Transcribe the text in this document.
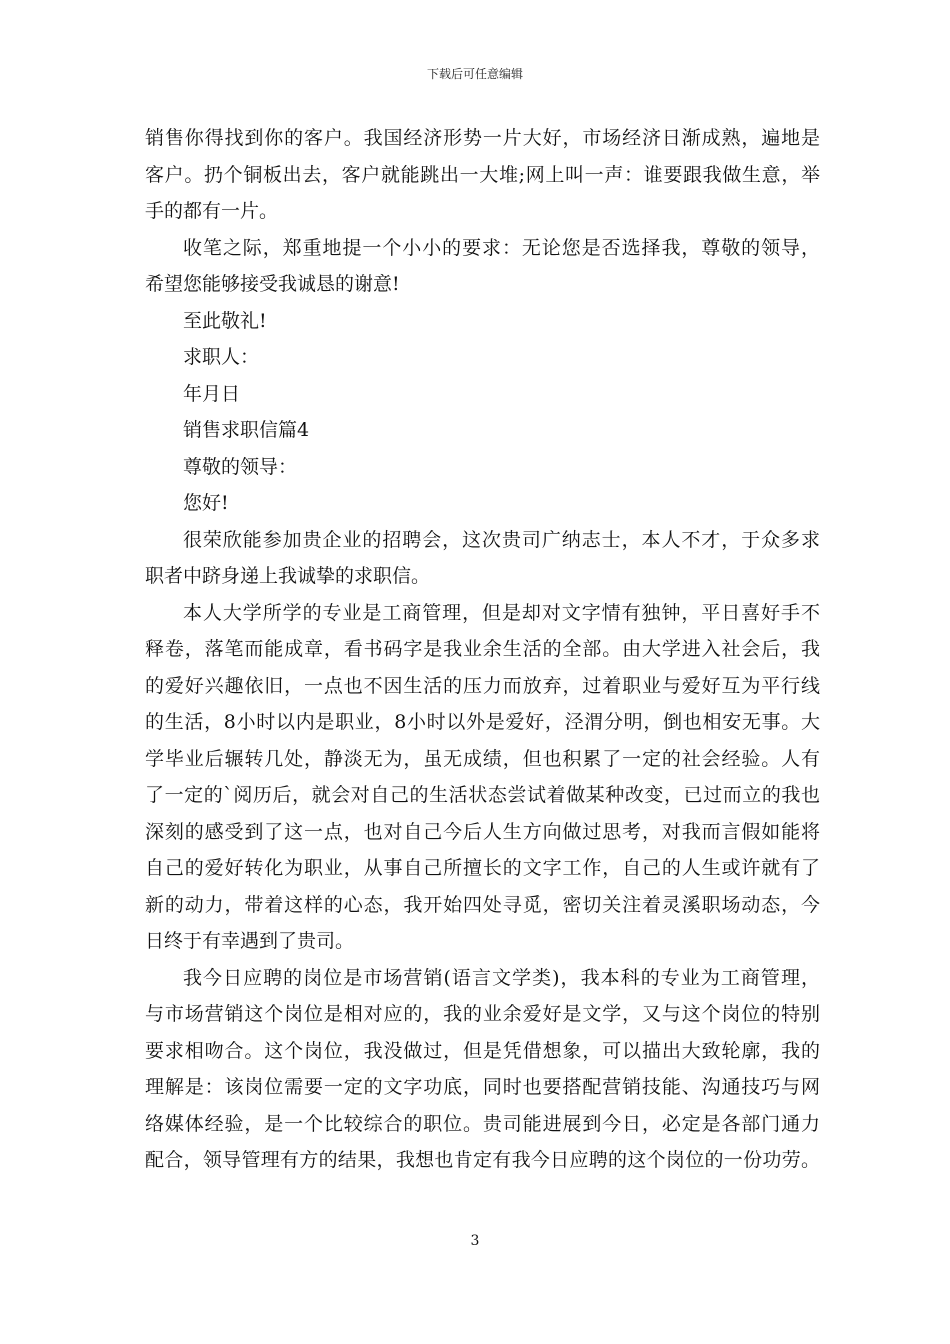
下载后可任意编辑
销售你得找到你的客户。我国经济形势一片大好，市场经济日渐成熟，遍地是
客户。扔个铜板出去，客户就能跳出一大堆;网上叫一声：谁要跟我做生意，举
手的都有一片。
收笔之际，郑重地提一个小小的要求：无论您是否选择我，尊敬的领导，
希望您能够接受我诚恳的谢意!
至此敬礼!
求职人：
年月日
销售求职信篇4
尊敬的领导：
您好!
很荣欣能参加贵企业的招聘会，这次贵司广纳志士，本人不才，于众多求
职者中跻身递上我诚挚的求职信。
本人大学所学的专业是工商管理，但是却对文字情有独钟，平日喜好手不
释卷，落笔而能成章，看书码字是我业余生活的全部。由大学进入社会后，我
的爱好兴趣依旧，一点也不因生活的压力而放弃，过着职业与爱好互为平行线
的生活，8小时以内是职业，8小时以外是爱好，泾渭分明，倒也相安无事。大
学毕业后辗转几处，静淡无为，虽无成绩，但也积累了一定的社会经验。人有
了一定的`阅历后，就会对自己的生活状态尝试着做某种改变，已过而立的我也
深刻的感受到了这一点，也对自己今后人生方向做过思考，对我而言假如能将
自己的爱好转化为职业，从事自己所擅长的文字工作，自己的人生或许就有了
新的动力，带着这样的心态，我开始四处寻觅，密切关注着灵溪职场动态，今
日终于有幸遇到了贵司。
我今日应聘的岗位是市场营销(语言文学类)，我本科的专业为工商管理，
与市场营销这个岗位是相对应的，我的业余爱好是文学，又与这个岗位的特别
要求相吻合。这个岗位，我没做过，但是凭借想象，可以描出大致轮廓，我的
理解是：该岗位需要一定的文字功底，同时也要搭配营销技能、沟通技巧与网
络媒体经验，是一个比较综合的职位。贵司能进展到今日，必定是各部门通力
配合，领导管理有方的结果，我想也肯定有我今日应聘的这个岗位的一份功劳。
3
